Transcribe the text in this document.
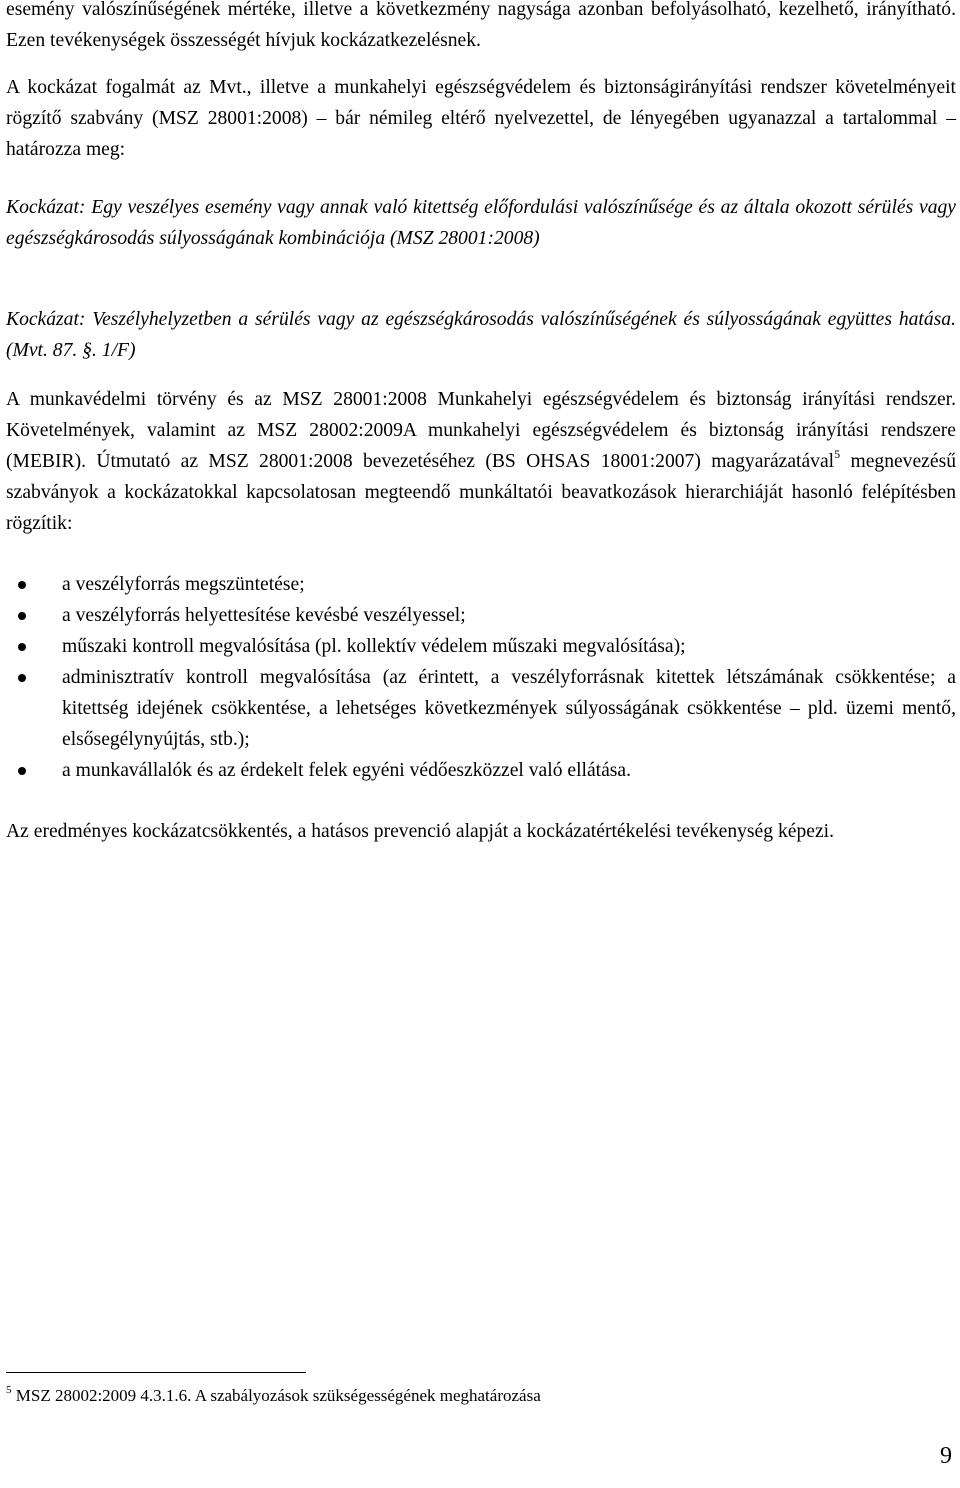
esemény valószínűségének mértéke, illetve a következmény nagysága azonban befolyásolható, kezelhető, irányítható. Ezen tevékenységek összességét hívjuk kockázatkezelésnek.

A kockázat fogalmát az Mvt., illetve a munkahelyi egészségvédelem és biztonságirányítási rendszer követelményeit rögzítő szabvány (MSZ 28001:2008) – bár némileg eltérő nyelvezettel, de lényegében ugyanazzal a tartalommal – határozza meg:

Kockázat: Egy veszélyes esemény vagy annak való kitettség előfordulási valószínűsége és az általa okozott sérülés vagy egészségkárosodás súlyosságának kombinációja (MSZ 28001:2008)

Kockázat: Veszélyhelyzetben a sérülés vagy az egészségkárosodás valószínűségének és súlyosságának együttes hatása. (Mvt. 87. §. 1/F)

A munkavédelmi törvény és az MSZ 28001:2008 Munkahelyi egészségvédelem és biztonság irányítási rendszer. Követelmények, valamint az MSZ 28002:2009A munkahelyi egészségvédelem és biztonság irányítási rendszere (MEBIR). Útmutató az MSZ 28001:2008 bevezetéséhez (BS OHSAS 18001:2007) magyarázatával$^5$ megnevezésű szabványok a kockázatokkal kapcsolatosan megteendő munkáltatói beavatkozások hierarchiáját hasonló felépítésben rögzítik:

a veszélyforrás megszüntetése;
a veszélyforrás helyettesítése kevésbé veszélyessel;
műszaki kontroll megvalósítása (pl. kollektív védelem műszaki megvalósítása);
adminisztratív kontroll megvalósítása (az érintett, a veszélyforrásnak kitettek létszámának csökkentése; a kitettség idejének csökkentése, a lehetséges következmények súlyosságának csökkentése – pld. üzemi mentő, elsősegélynyújtás, stb.);
a munkavállalók és az érdekelt felek egyéni védőeszközzel való ellátása.

Az eredményes kockázatcsökkentés, a hatásos prevenció alapját a kockázatértékelési tevékenység képezi.

$^5$ MSZ 28002:2009 4.3.1.6. A szabályozások szükségességének meghatározása
9
